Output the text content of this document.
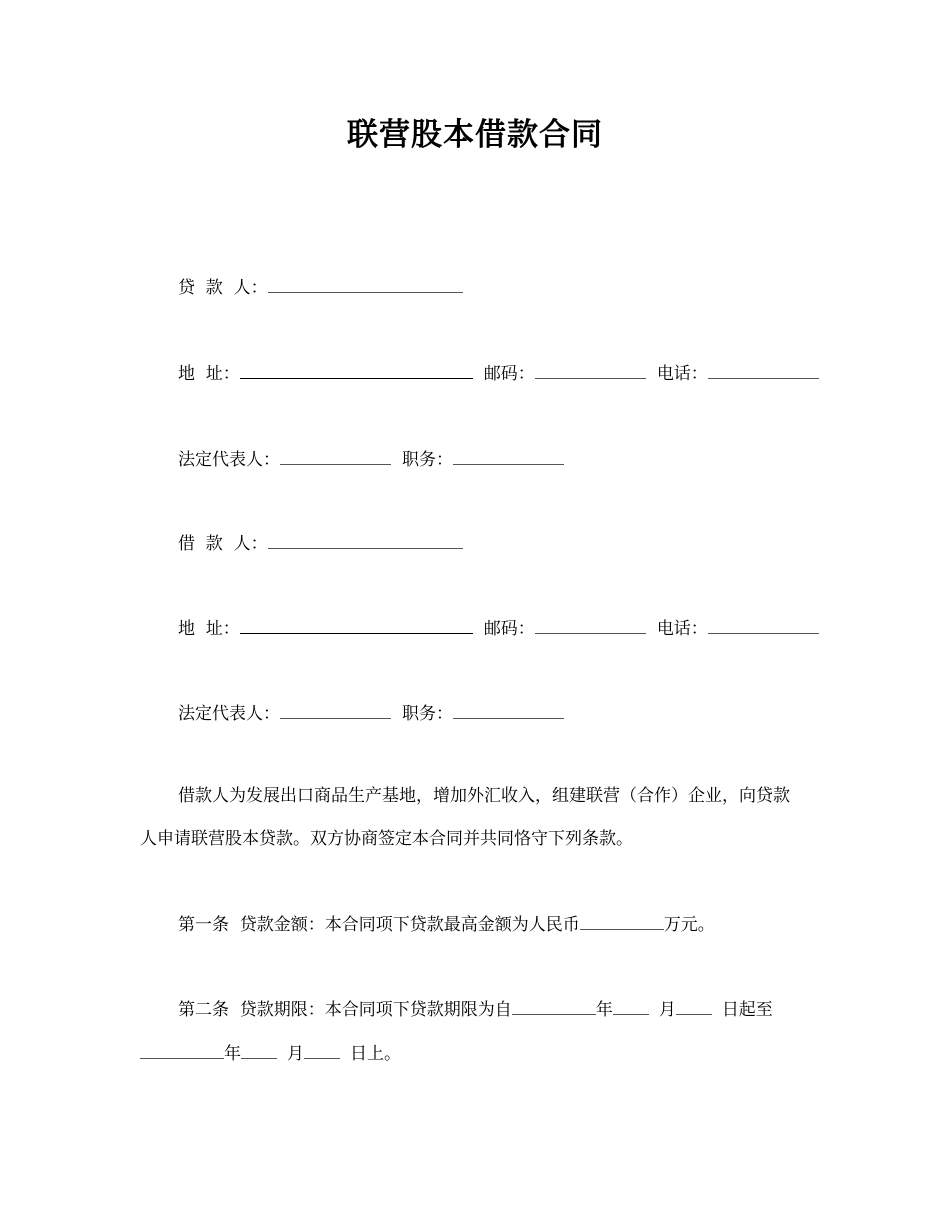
联营股本借款合同
贷  款  人：
地  址：	邮码：	电话：
法定代表人：	职务：
借  款  人：
地  址：	邮码：	电话：
法定代表人：	职务：
借款人为发展出口商品生产基地，增加外汇收入，组建联营（合作）企业，向贷款
人申请联营股本贷款。双方协商签定本合同并共同恪守下列条款。
第一条  贷款金额：本合同项下贷款最高金额为人民币	万元。
第二条  贷款期限：本合同项下贷款期限为自	年	月	日起至
年	月	日上。
